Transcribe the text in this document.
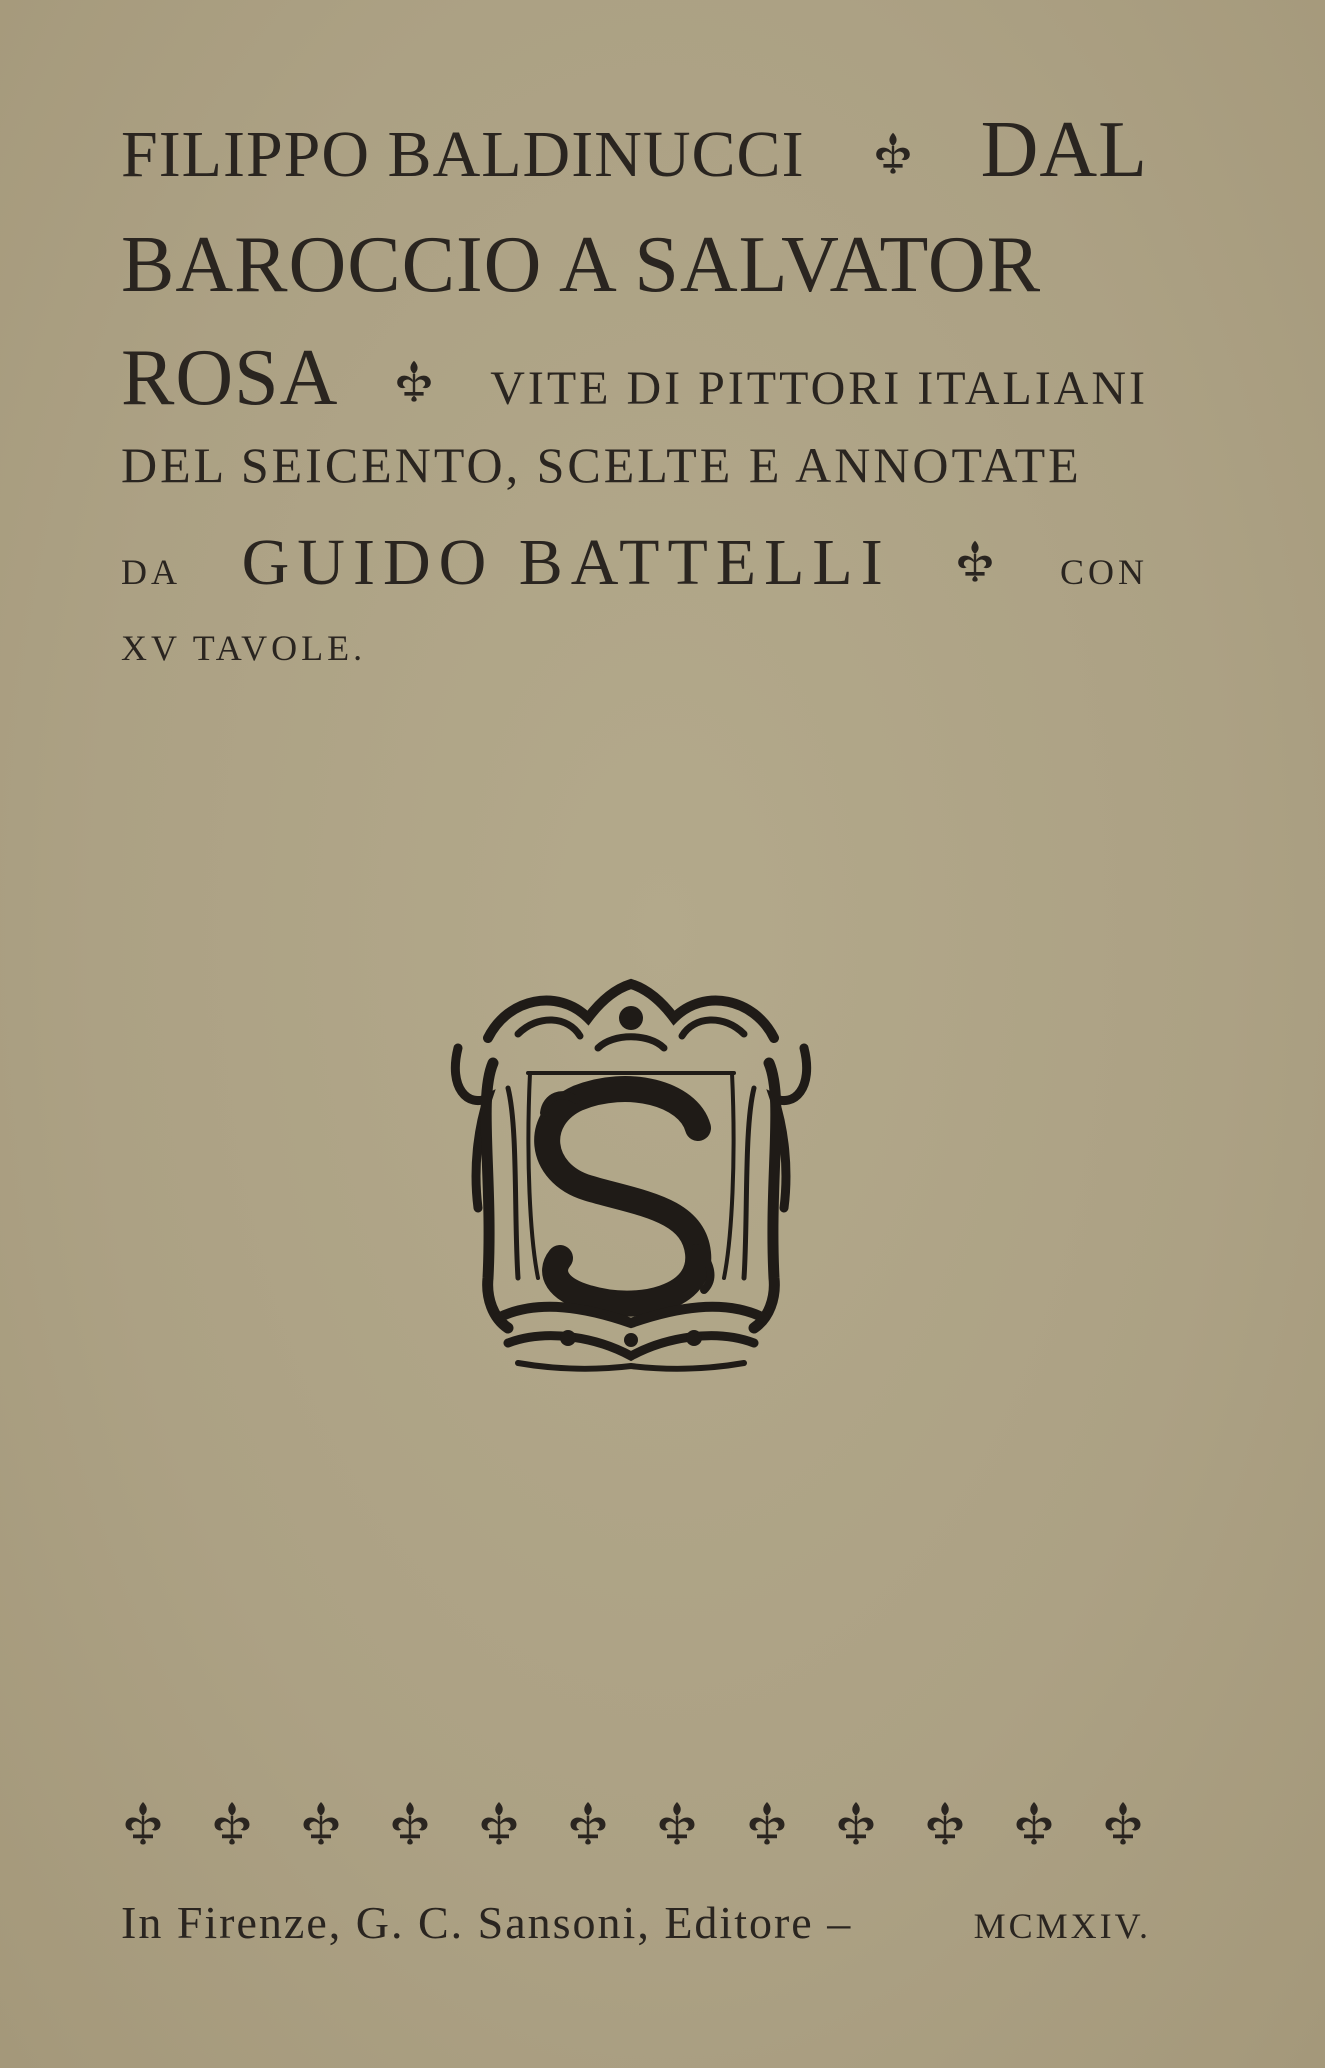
FILIPPO BALDINUCCI DAL
BAROCCIO A SALVATOR
ROSA	VITE DI PITTORI ITALIANI
DEL SEICENTO, SCELTE E ANNOTATE
DA GUIDO BATTELLI	CON
XV TAVOLE.
In Firenze, G. C. Sansoni, Editore –	MCMXIV.
